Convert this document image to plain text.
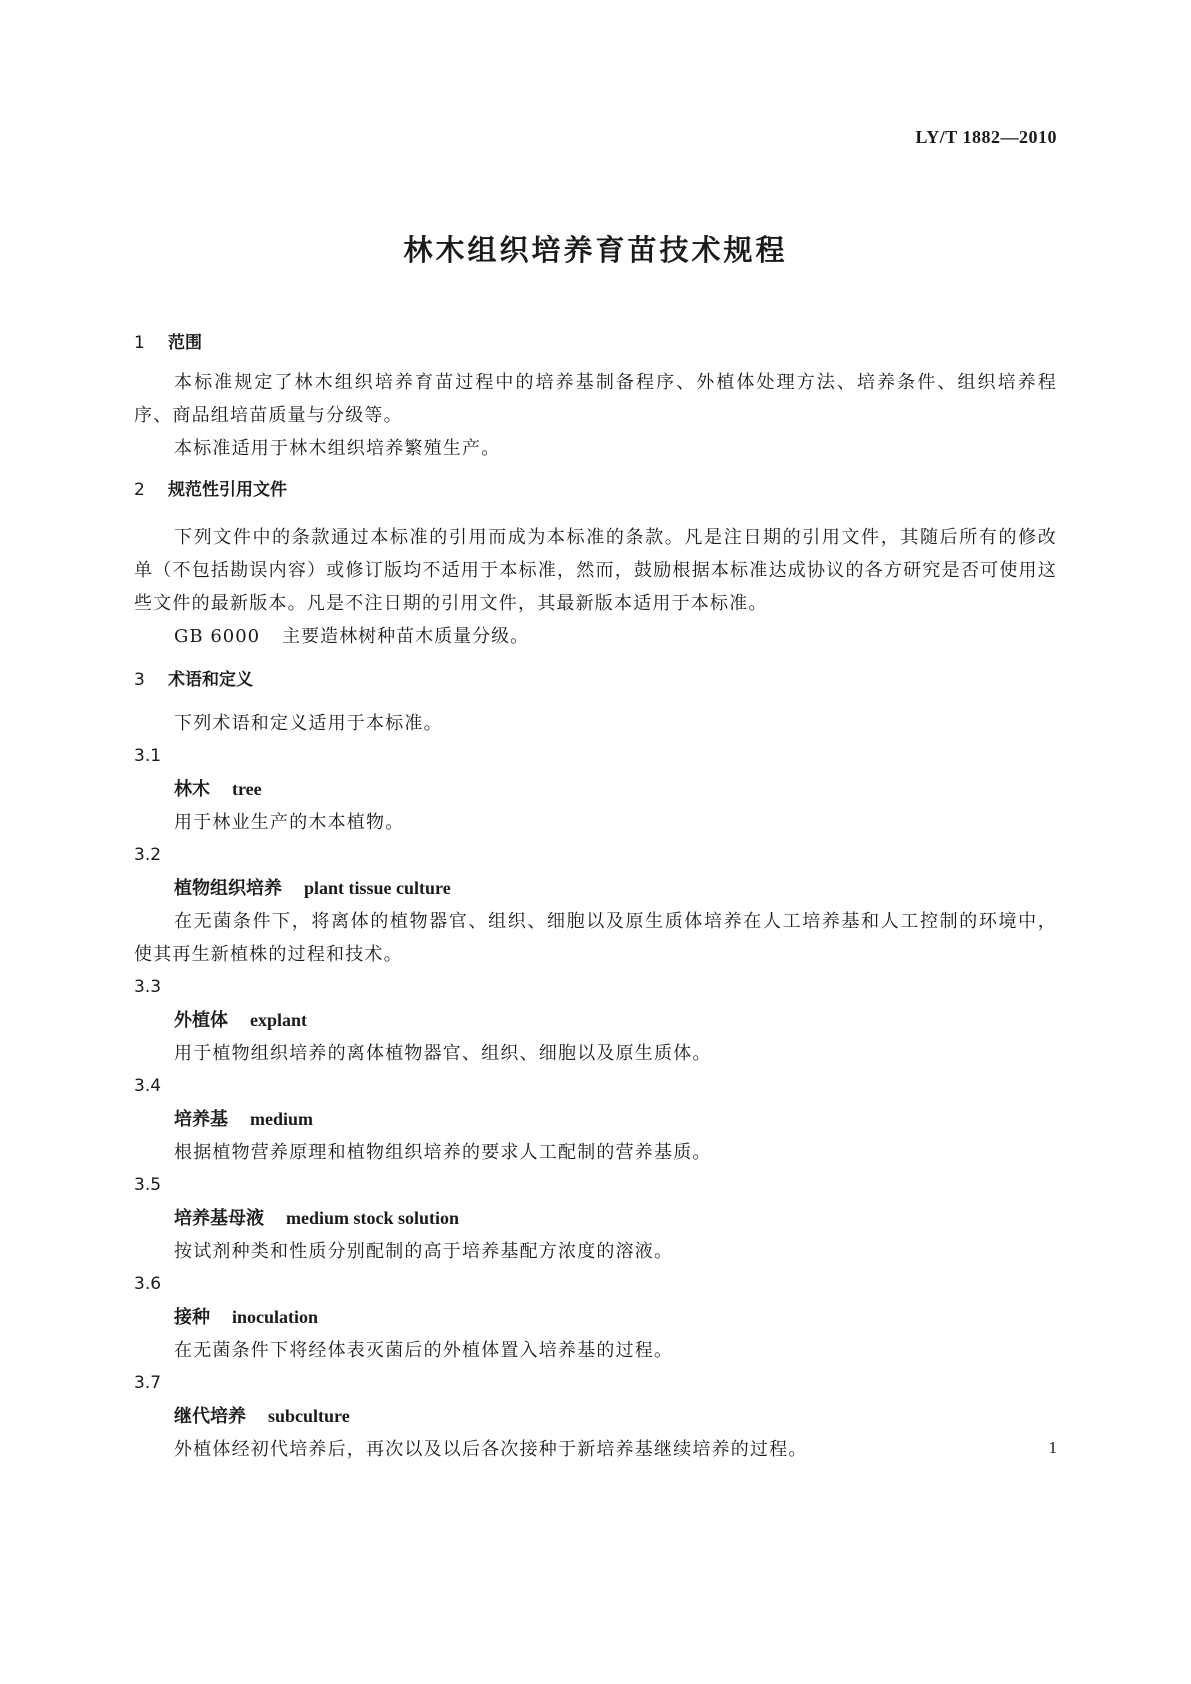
LY/T 1882—2010
林木组织培养育苗技术规程

1 范围

本标准规定了林木组织培养育苗过程中的培养基制备程序、外植体处理方法、培养条件、组织培养程序、商品组培苗质量与分级等。

本标准适用于林木组织培养繁殖生产。

2 规范性引用文件

下列文件中的条款通过本标准的引用而成为本标准的条款。凡是注日期的引用文件，其随后所有的修改单（不包括勘误内容）或修订版均不适用于本标准，然而，鼓励根据本标准达成协议的各方研究是否可使用这些文件的最新版本。凡是不注日期的引用文件，其最新版本适用于本标准。

GB 6000 主要造林树种苗木质量分级。

3 术语和定义

下列术语和定义适用于本标准。

3.1

林木 tree

用于林业生产的木本植物。

3.2

植物组织培养 plant tissue culture

在无菌条件下，将离体的植物器官、组织、细胞以及原生质体培养在人工培养基和人工控制的环境中，使其再生新植株的过程和技术。

3.3

外植体 explant

用于植物组织培养的离体植物器官、组织、细胞以及原生质体。

3.4

培养基 medium

根据植物营养原理和植物组织培养的要求人工配制的营养基质。

3.5

培养基母液 medium stock solution

按试剂种类和性质分别配制的高于培养基配方浓度的溶液。

3.6

接种 inoculation

在无菌条件下将经体表灭菌后的外植体置入培养基的过程。

3.7

继代培养 subculture

外植体经初代培养后，再次以及以后各次接种于新培养基继续培养的过程。	1
